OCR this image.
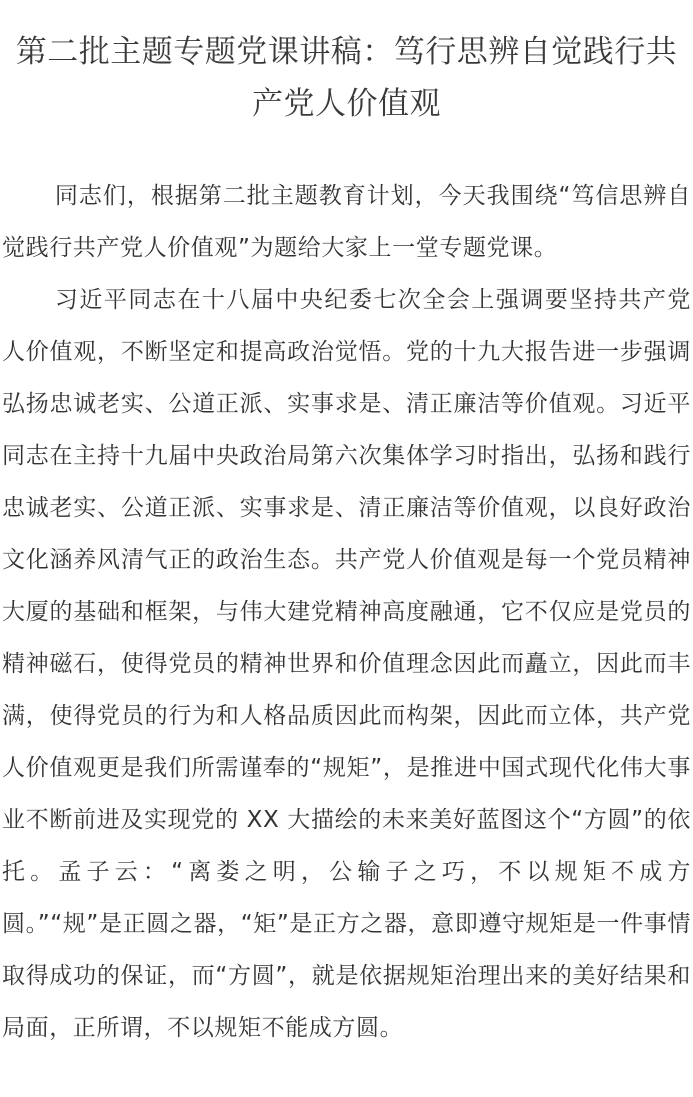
第二批主题专题党课讲稿：笃行思辨自觉践行共产党人价值观

同志们，根据第二批主题教育计划，今天我围绕“笃信思辨自觉践行共产党人价值观”为题给大家上一堂专题党课。

习近平同志在十八届中央纪委七次全会上强调要坚持共产党人价值观，不断坚定和提高政治觉悟。党的十九大报告进一步强调弘扬忠诚老实、公道正派、实事求是、清正廉洁等价值观。习近平同志在主持十九届中央政治局第六次集体学习时指出，弘扬和践行忠诚老实、公道正派、实事求是、清正廉洁等价值观，以良好政治文化涵养风清气正的政治生态。共产党人价值观是每一个党员精神大厦的基础和框架，与伟大建党精神高度融通，它不仅应是党员的精神磁石，使得党员的精神世界和价值理念因此而矗立，因此而丰满，使得党员的行为和人格品质因此而构架，因此而立体，共产党人价值观更是我们所需谨奉的“规矩”，是推进中国式现代化伟大事业不断前进及实现党的 XX 大描绘的未来美好蓝图这个“方圆”的依托。孟子云：“离娄之明，公输子之巧，不以规矩不成方圆。”“规”是正圆之器，“矩”是正方之器，意即遵守规矩是一件事情取得成功的保证，而“方圆”，就是依据规矩治理出来的美好结果和局面，正所谓，不以规矩不能成方圆。
